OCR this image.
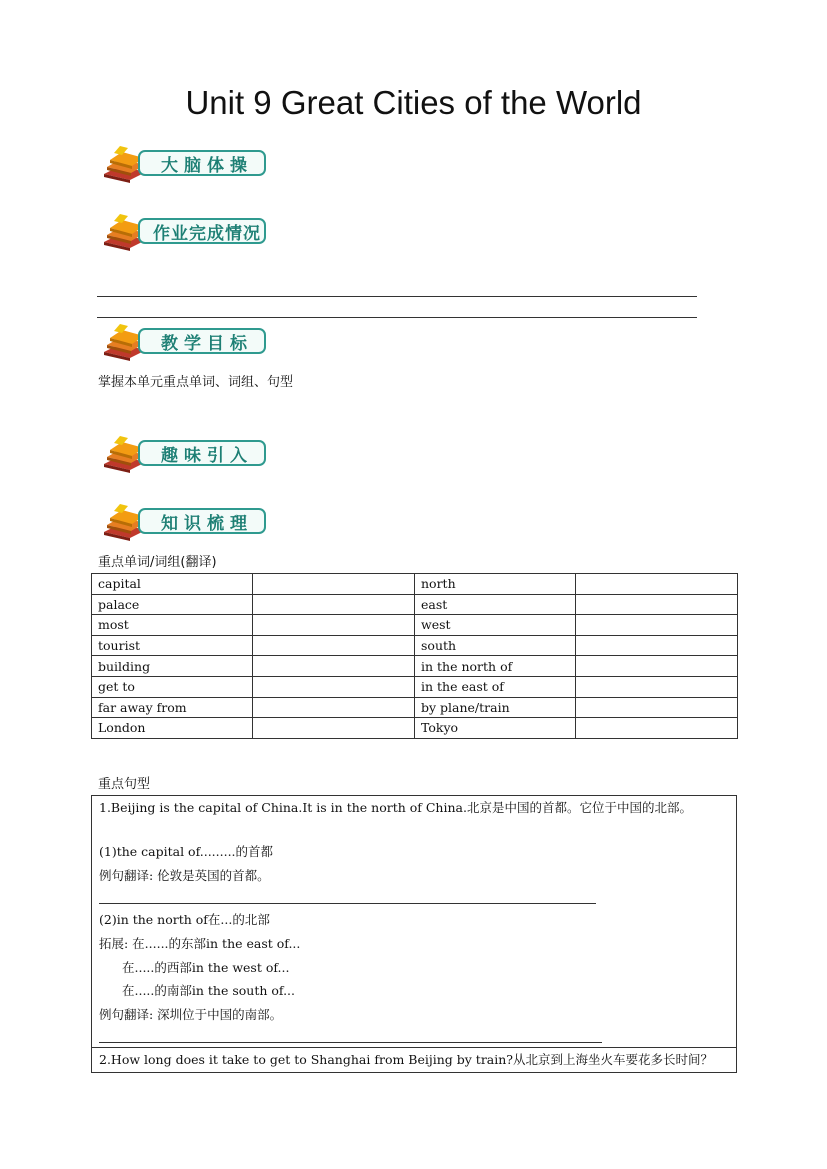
Unit 9 Great Cities of the World
大脑体操
作业完成情况
教学目标
掌握本单元重点单词、词组、句型
趣味引入
知识梳理
重点单词/词组(翻译)
capital		north	
palace		east	
most		west	
tourist		south	
building		in the north of	
get to		in the east of	
far away from		by plane/train	
London		Tokyo	
重点句型
1.Beijing is the capital of China.It is in the north of China.北京是中国的首都。它位于中国的北部。
(1)the capital of.........的首都
例句翻译: 伦敦是英国的首都。
(2)in the north of在...的北部
拓展: 在......的东部in the east of...
在.....的西部in the west of...
在.....的南部in the south of...
例句翻译: 深圳位于中国的南部。
2.How long does it take to get to Shanghai from Beijing by train?从北京到上海坐火车要花多长时间？
